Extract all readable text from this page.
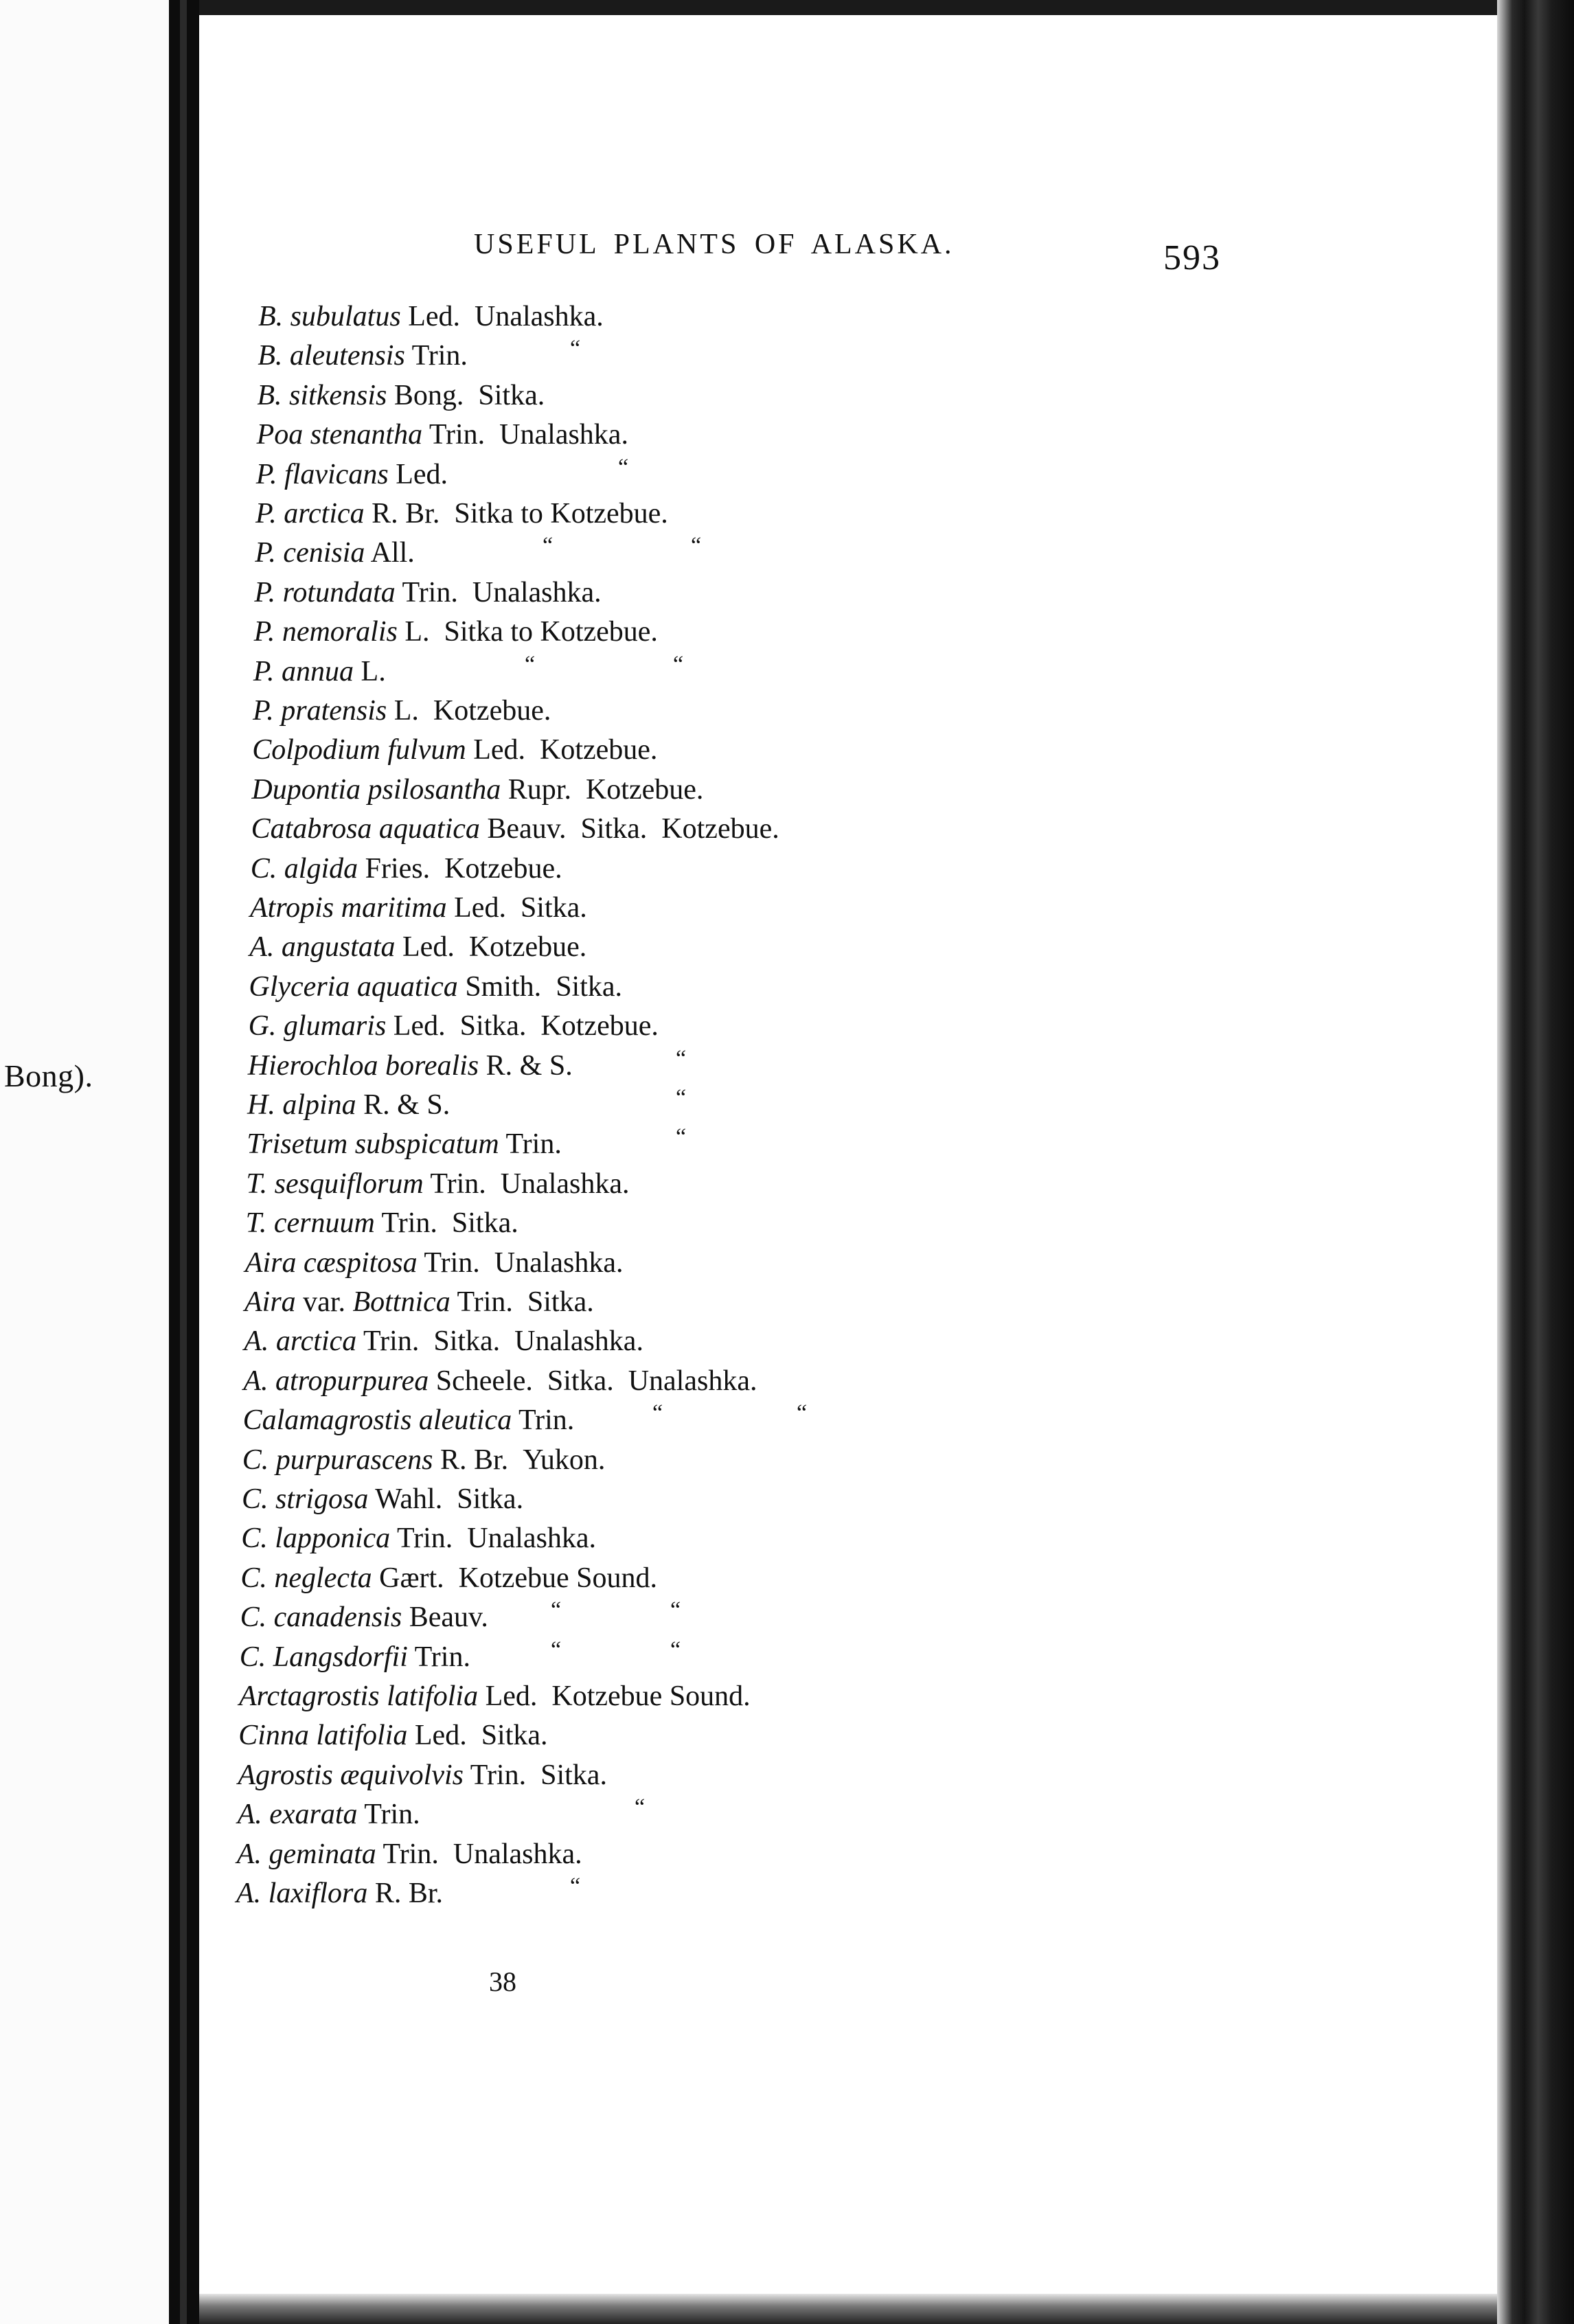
Bong).
USEFUL PLANTS OF ALASKA.	593
B. subulatus Led. Unalashka.
B. aleutensis Trin.	“
B. sitkensis Bong. Sitka.
Poa stenantha Trin. Unalashka.
P. flavicans Led.	“
P. arctica R. Br. Sitka to Kotzebue.
P. cenisia All.	“	“
P. rotundata Trin. Unalashka.
P. nemoralis L. Sitka to Kotzebue.
P. annua L.	“	“
P. pratensis L. Kotzebue.
Colpodium fulvum Led. Kotzebue.
Dupontia psilosantha Rupr. Kotzebue.
Catabrosa aquatica Beauv. Sitka.  Kotzebue.
C. algida Fries. Kotzebue.
Atropis maritima Led. Sitka.
A. angustata Led. Kotzebue.
Glyceria aquatica Smith. Sitka.
G. glumaris Led. Sitka.  Kotzebue.
Hierochloa borealis R. & S.	“
H. alpina R. & S.	“
Trisetum subspicatum Trin.	“
T. sesquiflorum Trin. Unalashka.
T. cernuum Trin. Sitka.
Aira cæspitosa Trin. Unalashka.
Aira var. Bottnica Trin. Sitka.
A. arctica Trin. Sitka.  Unalashka.
A. atropurpurea Scheele. Sitka.  Unalashka.
Calamagrostis aleutica Trin.	“	“
C. purpurascens R. Br. Yukon.
C. strigosa Wahl. Sitka.
C. lapponica Trin. Unalashka.
C. neglecta Gært. Kotzebue Sound.
C. canadensis Beauv.	“	“
C. Langsdorfii Trin.	“	“
Arctagrostis latifolia Led. Kotzebue Sound.
Cinna latifolia Led. Sitka.
Agrostis æquivolvis Trin. Sitka.
A. exarata Trin.	“
A. geminata Trin. Unalashka.
A. laxiflora R. Br.	“
38
